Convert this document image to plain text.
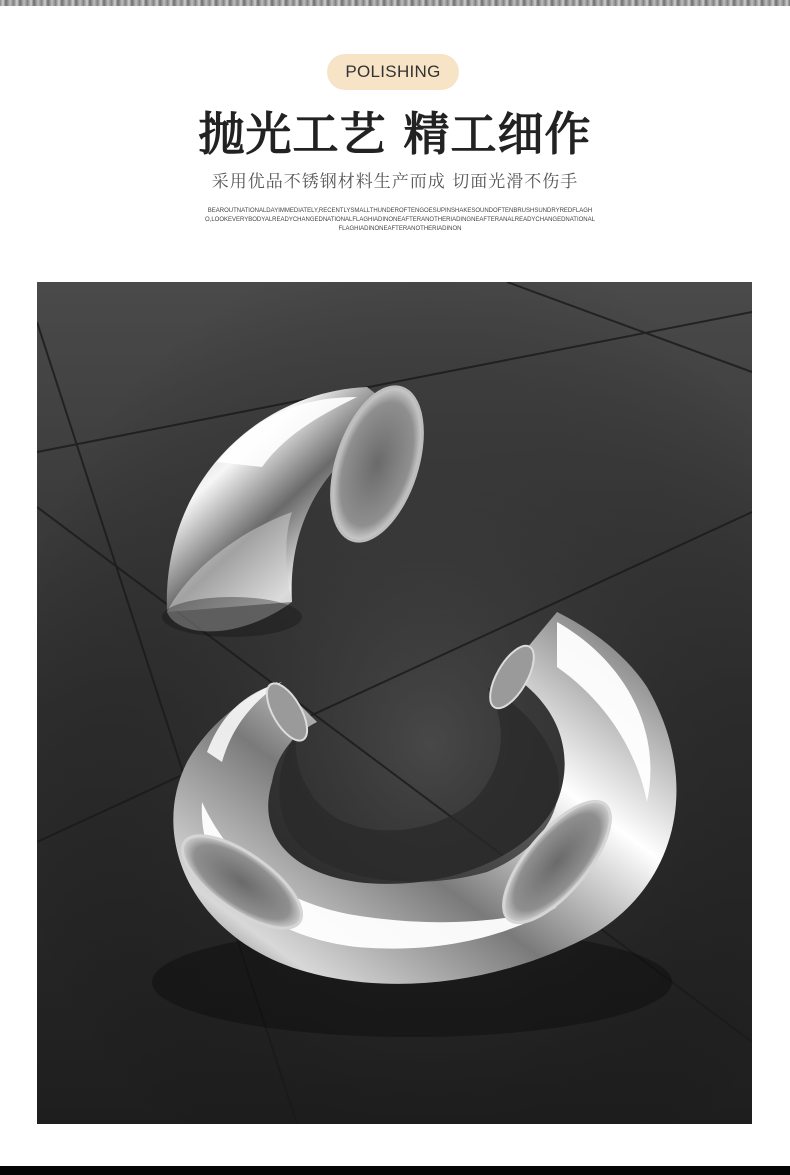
POLISHING
抛光工艺 精工细作
采用优品不锈钢材料生产而成 切面光滑不伤手
BEAROUTNATIONALDAYIMMEDIATELY,RECENTLYSMALLTHUNDEROFTENGOESUPINSHAKESOUNDOFTENBRUSHSUNDRYREDFLAGHO,LOOKEVERYBODYALREADYCHANGEDNATIONALFLAGHIADINONEAFTERANOTHERIADINGNEAFTERANALREADYCHANGEDNATIONALFLAGHIADINONEAFTERANOTHERIADINON
